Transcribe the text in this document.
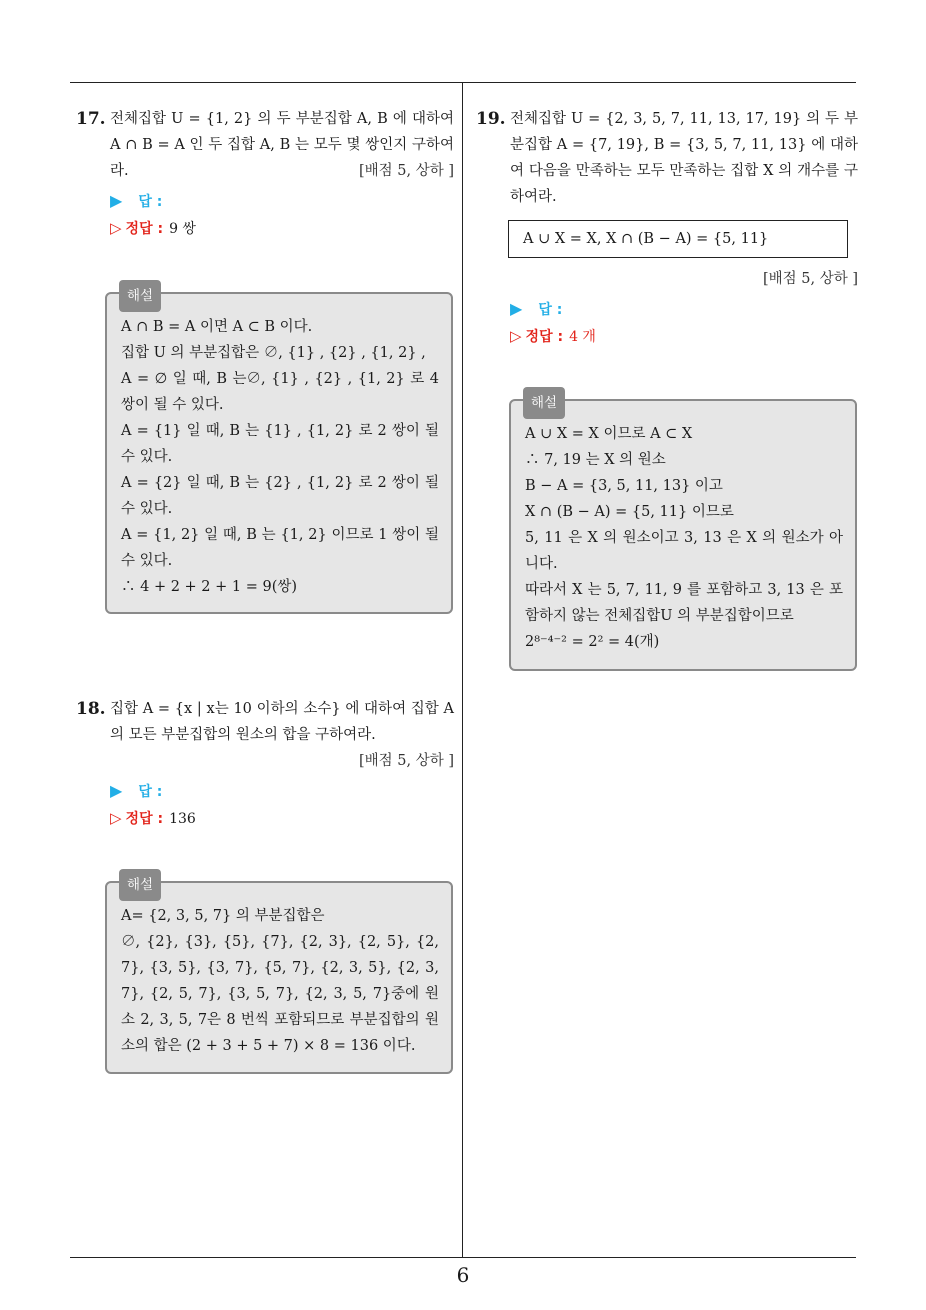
17. 전체집합 U = {1, 2} 의 두 부분집합 A, B 에 대하여 A ∩ B = A 인 두 집합 A, B 는 모두 몇 쌍인지 구하여라.	[배점 5, 상하 ]
▶ 답 :
▷ 정답 : 9 쌍
해설
A ∩ B = A 이면 A ⊂ B 이다.
집합 U 의 부분집합은 ∅, {1} , {2} , {1, 2} ,
A = ∅ 일 때, B 는∅, {1} , {2} , {1, 2} 로 4 쌍이 될 수 있다.
A = {1} 일 때, B 는 {1} , {1, 2} 로 2 쌍이 될 수 있다.
A = {2} 일 때, B 는 {2} , {1, 2} 로 2 쌍이 될 수 있다.
A = {1, 2} 일 때, B 는 {1, 2} 이므로 1 쌍이 될 수 있다.
∴ 4 + 2 + 2 + 1 = 9(쌍)
18. 집합 A = {x | x는 10 이하의 소수} 에 대하여 집합 A 의 모든 부분집합의 원소의 합을 구하여라.
[배점 5, 상하 ]
▶ 답 :
▷ 정답 : 136
해설
A= {2, 3, 5, 7} 의 부분집합은
∅, {2}, {3}, {5}, {7}, {2, 3}, {2, 5}, {2, 7}, {3, 5}, {3, 7}, {5, 7}, {2, 3, 5}, {2, 3, 7}, {2, 5, 7}, {3, 5, 7}, {2, 3, 5, 7}중에 원소 2, 3, 5, 7은 8 번씩 포함되므로 부분집합의 원소의 합은 (2 + 3 + 5 + 7) × 8 = 136 이다.
19. 전체집합 U = {2, 3, 5, 7, 11, 13, 17, 19} 의 두 부분집합 A = {7, 19}, B = {3, 5, 7, 11, 13} 에 대하여 다음을 만족하는 모두 만족하는 집합 X 의 개수를 구하여라.
A ∪ X = X, X ∩ (B − A) = {5, 11}
[배점 5, 상하 ]
▶ 답 :
▷ 정답 : 4 개
해설
A ∪ X = X 이므로 A ⊂ X
∴ 7, 19 는 X 의 원소
B − A = {3, 5, 11, 13} 이고
X ∩ (B − A) = {5, 11} 이므로
5, 11 은 X 의 원소이고 3, 13 은 X 의 원소가 아니다.
따라서 X 는 5, 7, 11, 9 를 포함하고 3, 13 은 포함하지 않는 전체집합U 의 부분집합이므로
2⁸⁻⁴⁻² = 2² = 4(개)
6
